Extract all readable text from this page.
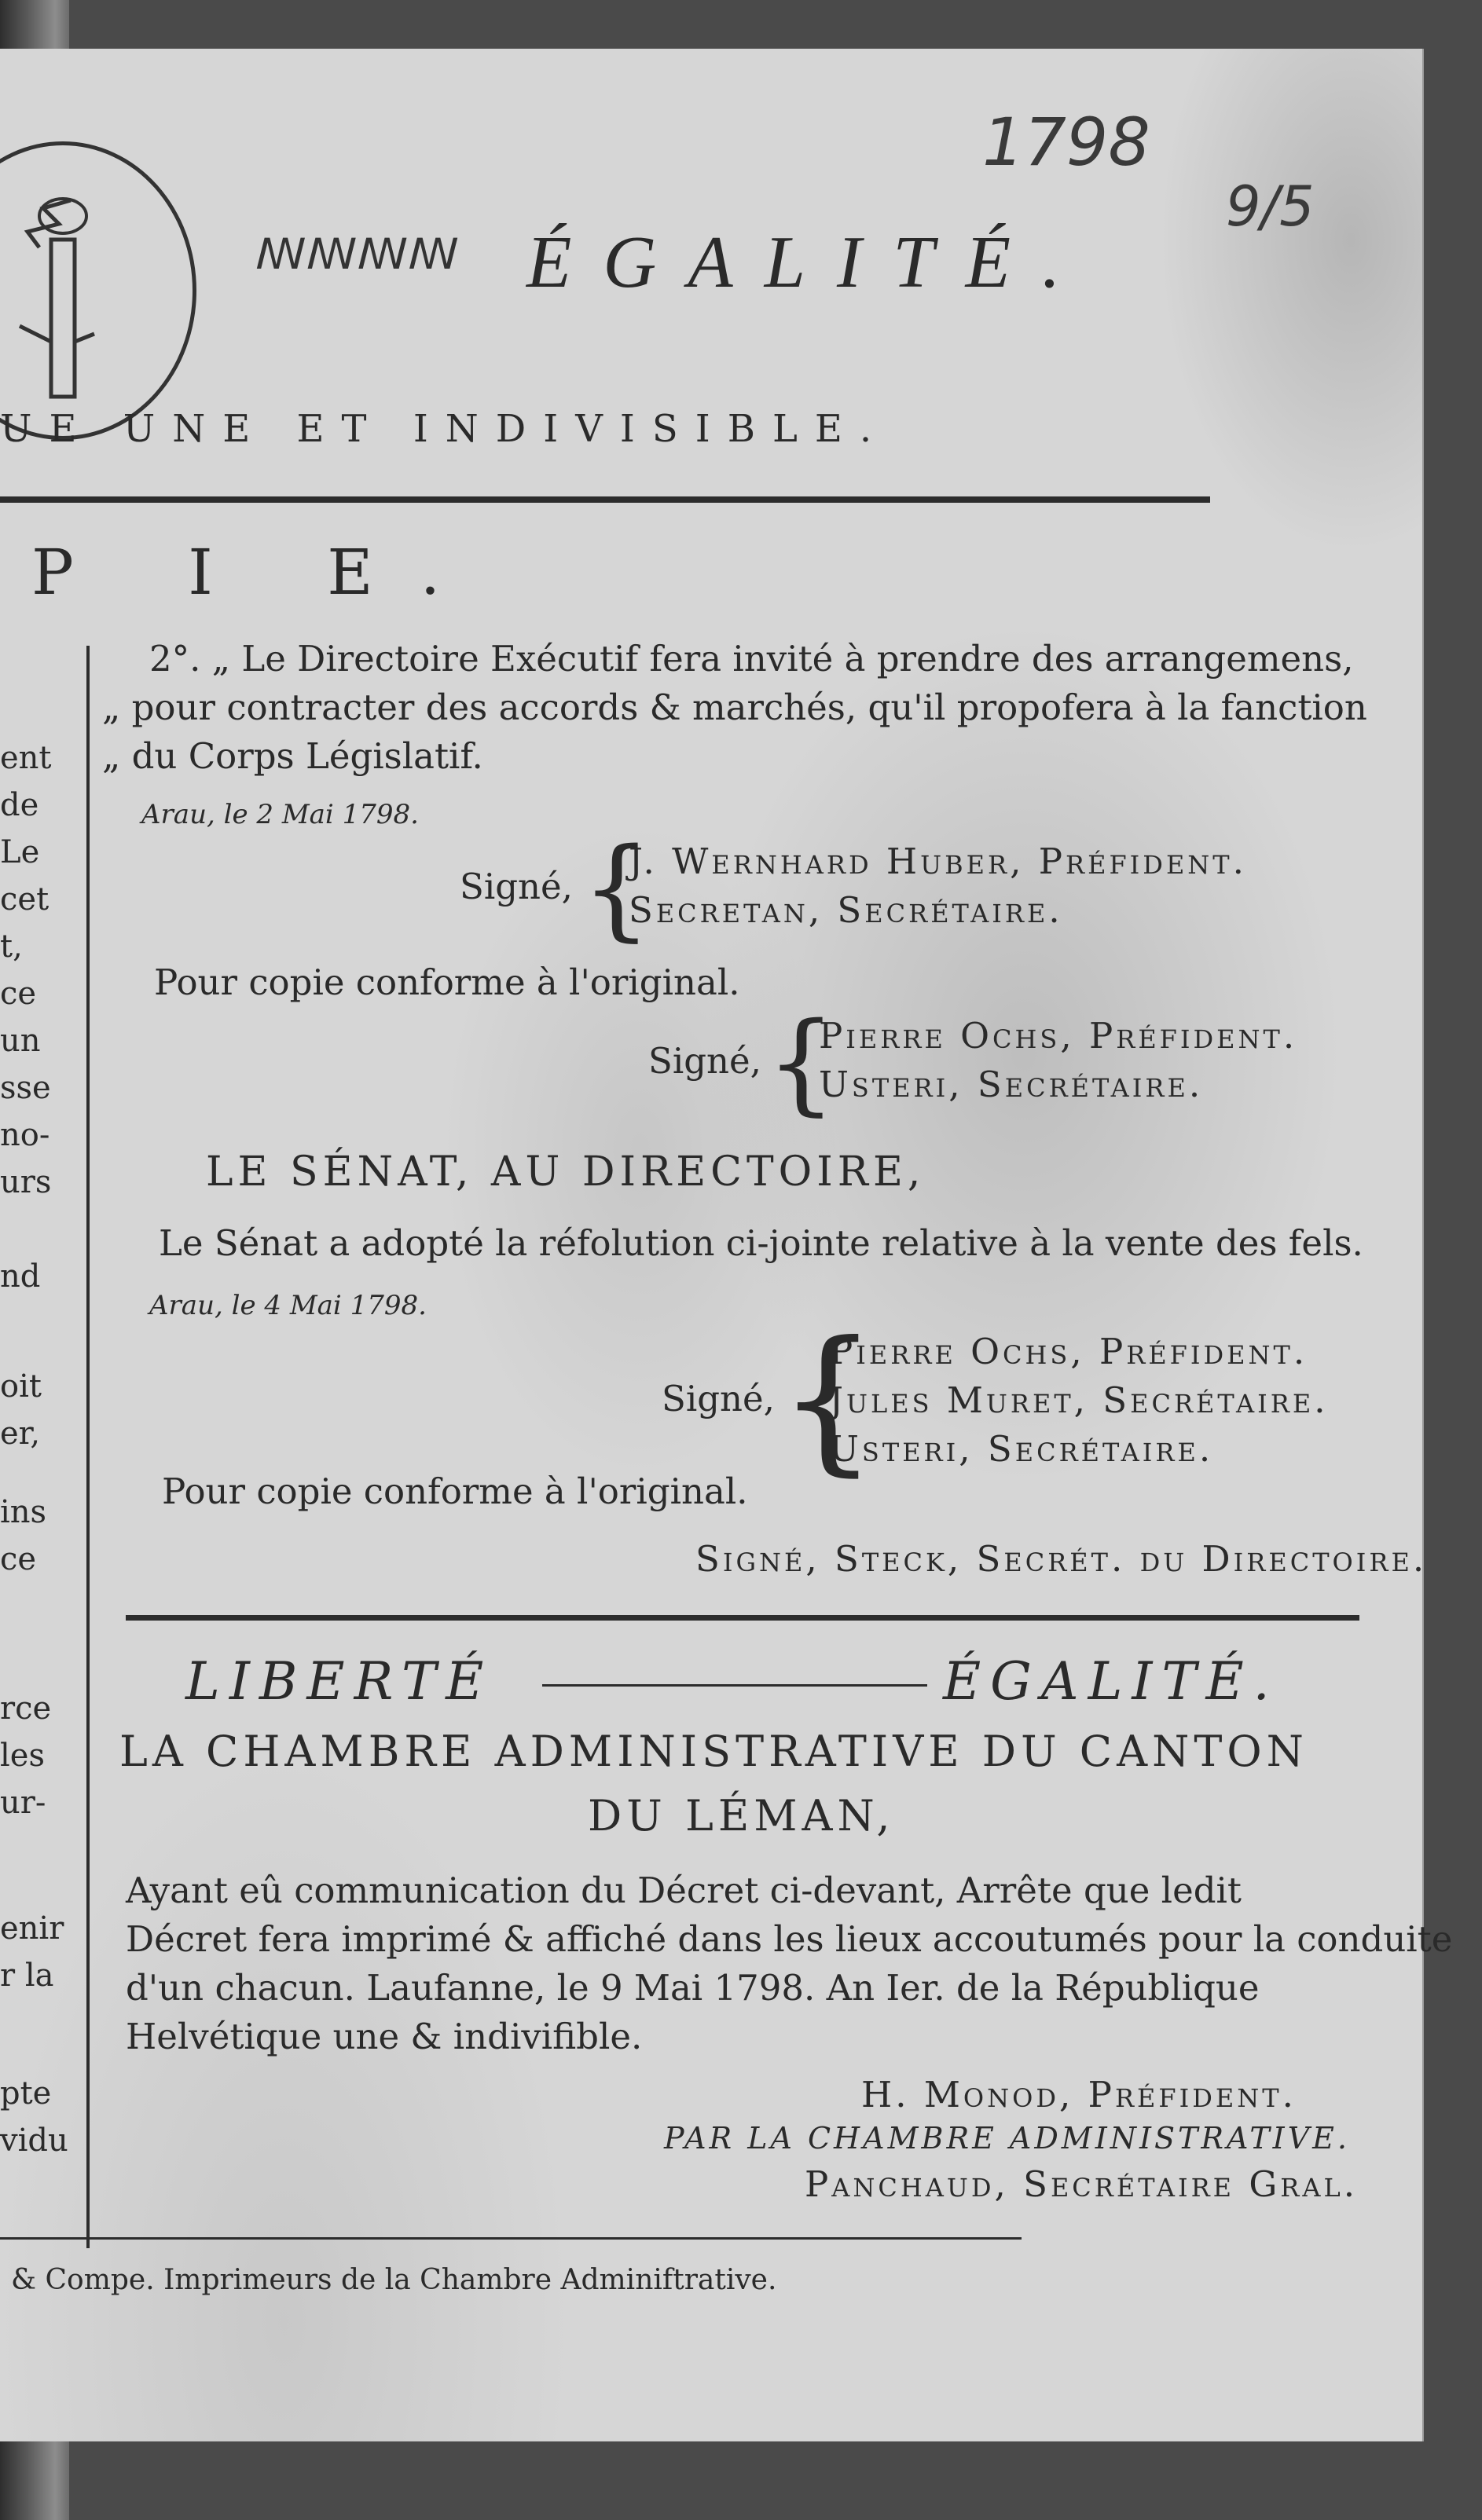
1798
9/5
ꟿꟿꟿꟿ ÉGALITÉ.
UE UNE ET INDIVISIBLE.
P I E.
ent
de
Le
cet
t,
ce
un
sse
no-
urs
nd
oit
er,
ins
ce
rce
les
ur-
enir
r la
pte
vidu
2°. „ Le Directoire Exécutif fera invité à prendre des arrangemens,
„ pour contracter des accords & marchés, qu'il propofera à la fanction
„ du Corps Législatif.
Arau, le 2 Mai 1798.
Signé, {
J. Wernhard Huber, Préfident.
Secretan, Secrétaire.
Pour copie conforme à l'original.
Signé, {
Pierre Ochs, Préfident.
Usteri, Secrétaire.
LE SÉNAT, AU DIRECTOIRE,
Le Sénat a adopté la réfolution ci-jointe relative à la vente des fels.
Arau, le 4 Mai 1798.
Signé, {
Pierre Ochs, Préfident.
Jules Muret, Secrétaire.
Usteri, Secrétaire.
Pour copie conforme à l'original.
Signé, Steck, Secrét. du Directoire.
LIBERTÉ	ÉGALITÉ.
LA CHAMBRE ADMINISTRATIVE DU CANTON
DU LÉMAN,
Ayant eû communication du Décret ci-devant, Arrête que ledit
Décret fera imprimé & affiché dans les lieux accoutumés pour la conduite
d'un chacun. Laufanne, le 9 Mai 1798. An Ier. de la République
Helvétique une & indivifible.
H. Monod, Préfident.
PAR LA CHAMBRE ADMINISTRATIVE.
Panchaud, Secrétaire Gral.
& Compe. Imprimeurs de la Chambre Adminiftrative.
